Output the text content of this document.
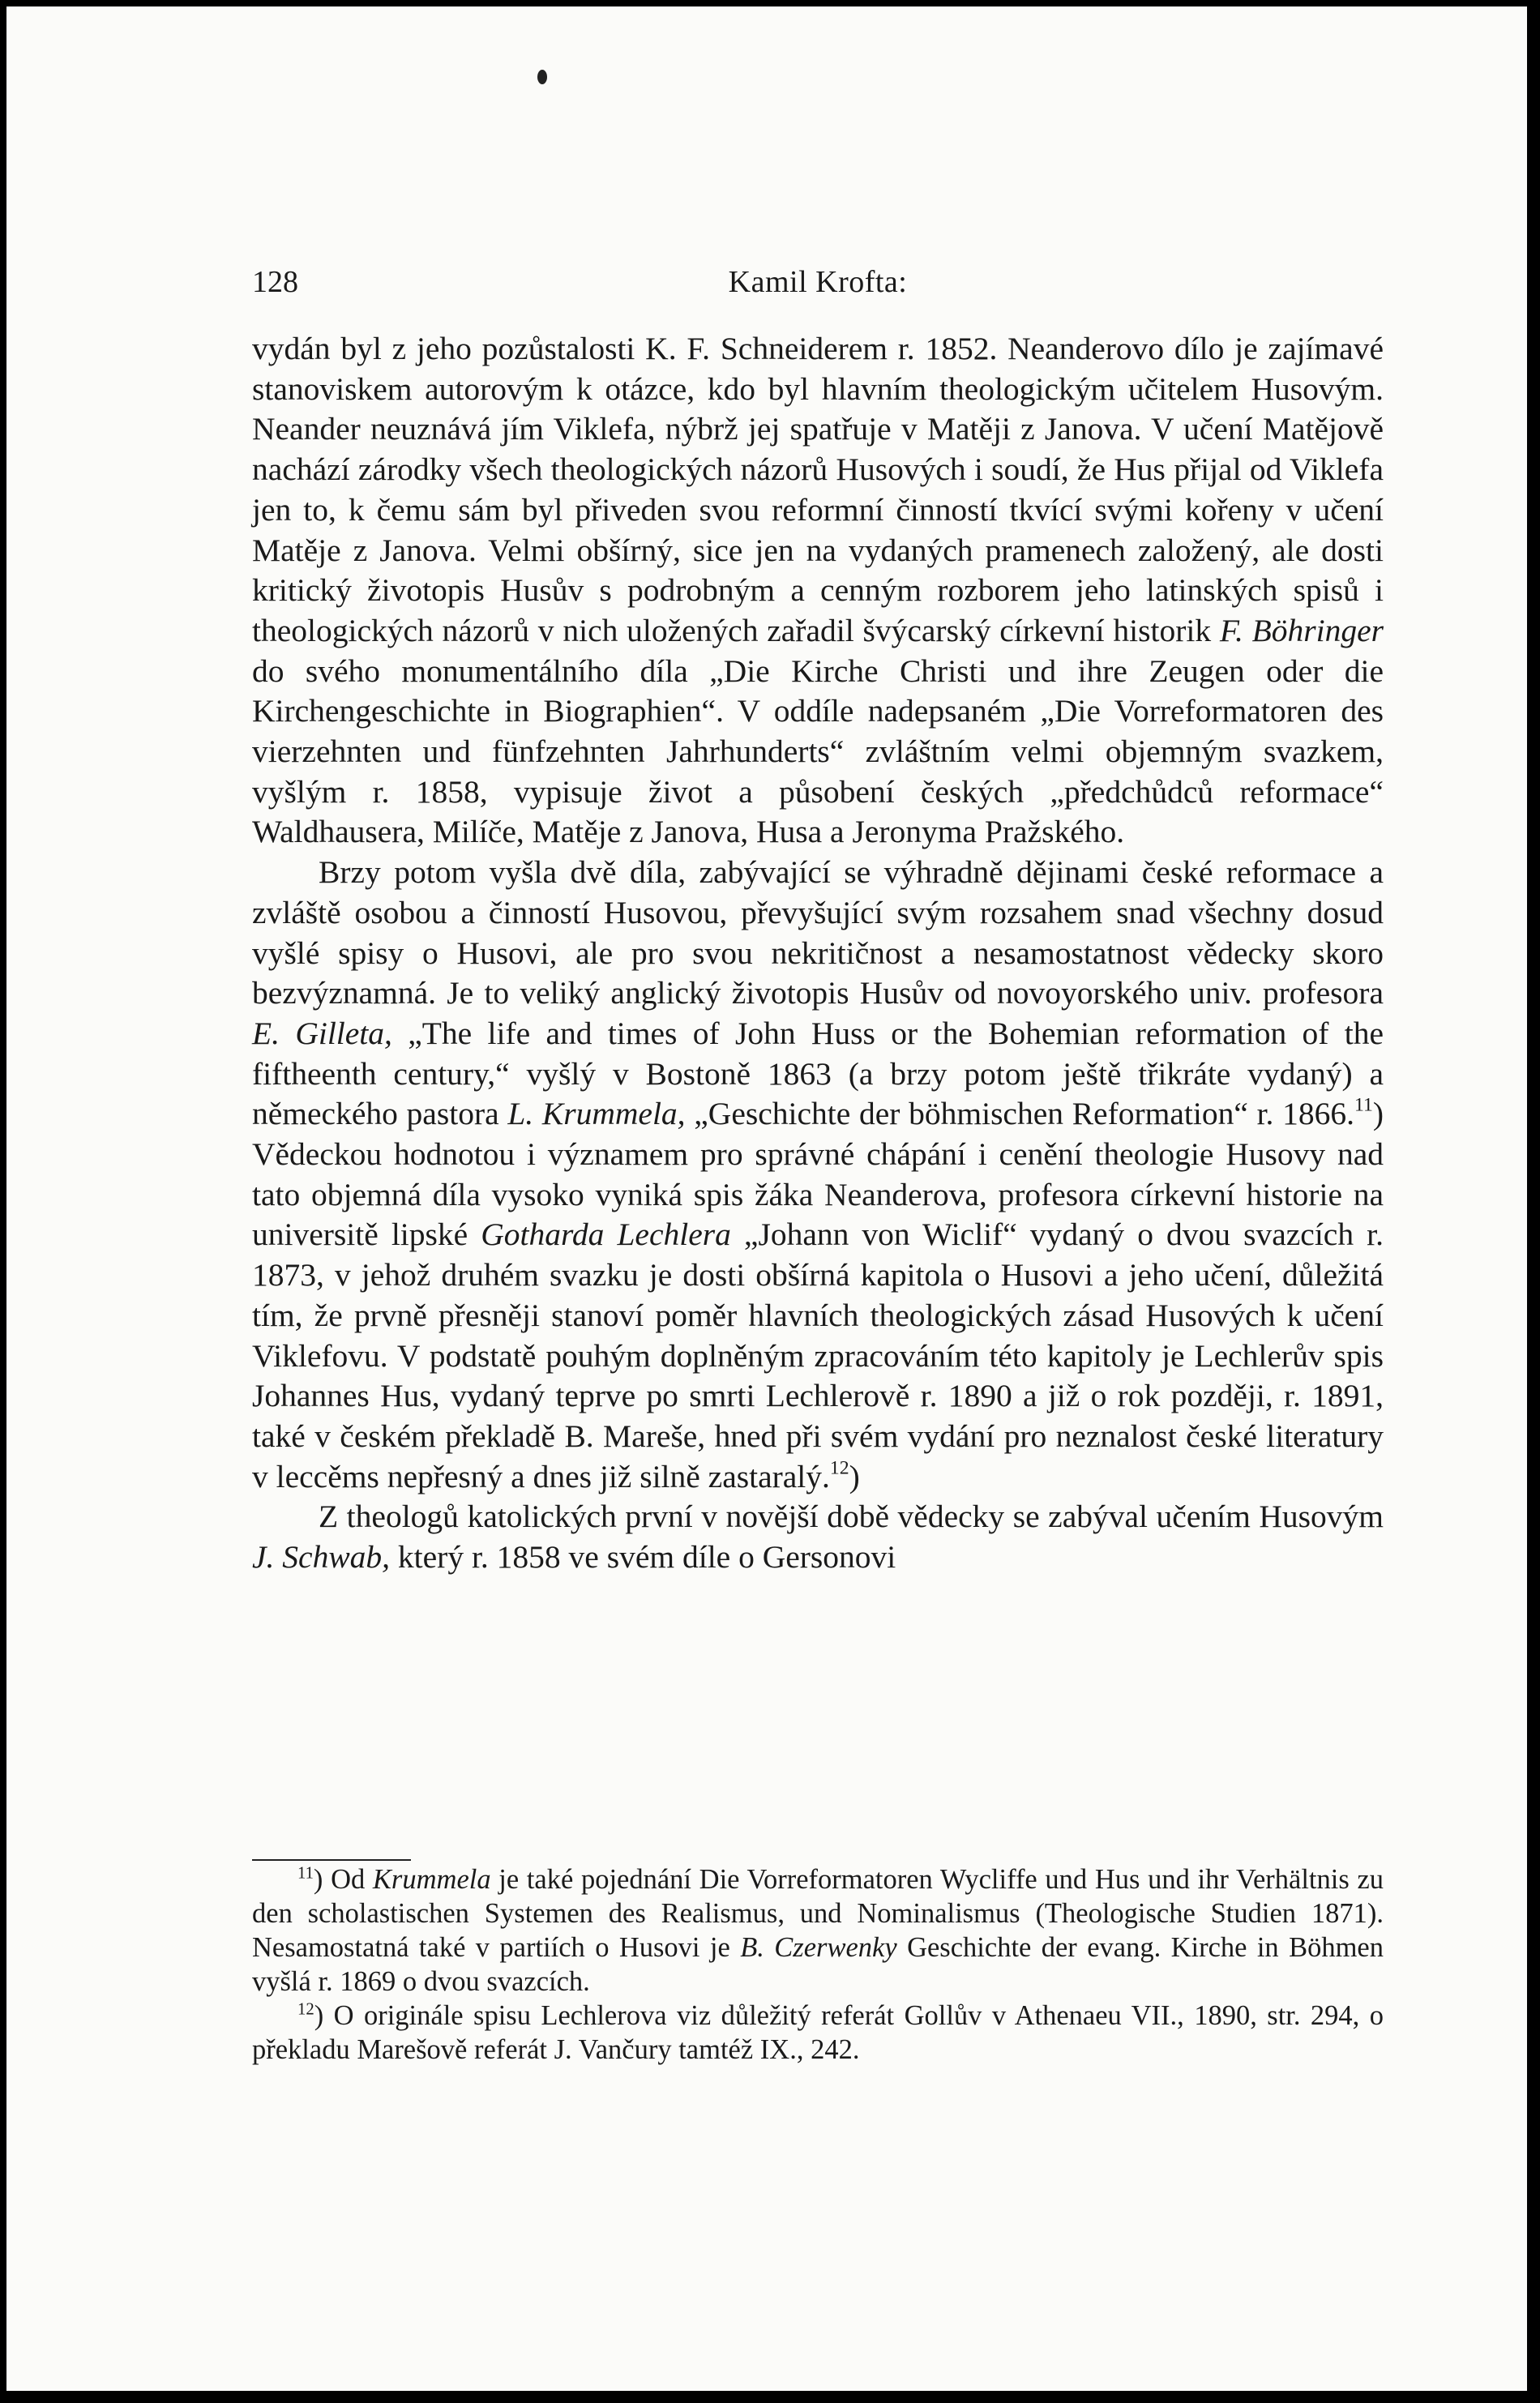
128	Kamil Krofta:

vydán byl z jeho pozůstalosti K. F. Schneiderem r. 1852. Neanderovo dílo je zajímavé stanoviskem autorovým k otázce, kdo byl hlavním theologickým učitelem Husovým. Neander neuznává jím Viklefa, nýbrž jej spatřuje v Matěji z Janova. V učení Matějově nachází zárodky všech theologických názorů Husových i soudí, že Hus přijal od Viklefa jen to, k čemu sám byl přiveden svou reformní činností tkvící svými kořeny v učení Matěje z Janova. Velmi obšírný, sice jen na vydaných pramenech založený, ale dosti kritický životopis Husův s podrobným a cenným rozborem jeho latinských spisů i theologických názorů v nich uložených zařadil švýcarský církevní historik F. Böhringer do svého monumentálního díla „Die Kirche Christi und ihre Zeugen oder die Kirchengeschichte in Biographien“. V oddíle nadepsaném „Die Vorreformatoren des vierzehnten und fünfzehnten Jahrhunderts“ zvláštním velmi objemným svazkem, vyšlým r. 1858, vypisuje život a působení českých „předchůdců reformace“ Waldhausera, Milíče, Matěje z Janova, Husa a Jeronyma Pražského.

Brzy potom vyšla dvě díla, zabývající se výhradně dějinami české reformace a zvláště osobou a činností Husovou, převyšující svým rozsahem snad všechny dosud vyšlé spisy o Husovi, ale pro svou nekritičnost a nesamostatnost vědecky skoro bezvýznamná. Je to veliký anglický životopis Husův od novoyorského univ. profesora E. Gilleta, „The life and times of John Huss or the Bohemian reformation of the fiftheenth century,“ vyšlý v Bostoně 1863 (a brzy potom ještě třikráte vydaný) a německého pastora L. Krummela, „Geschichte der böhmischen Reformation“ r. 1866.11) Vědeckou hodnotou i významem pro správné chápání i cenění theologie Husovy nad tato objemná díla vysoko vyniká spis žáka Neanderova, profesora církevní historie na universitě lipské Gotharda Lechlera „Johann von Wiclif“ vydaný o dvou svazcích r. 1873, v jehož druhém svazku je dosti obšírná kapitola o Husovi a jeho učení, důležitá tím, že prvně přesněji stanoví poměr hlavních theologických zásad Husových k učení Viklefovu. V podstatě pouhým doplněným zpracováním této kapitoly je Lechlerův spis Johannes Hus, vydaný teprve po smrti Lechlerově r. 1890 a již o rok později, r. 1891, také v českém překladě B. Mareše, hned při svém vydání pro neznalost české literatury v leccěms nepřesný a dnes již silně zastaralý.$^{12}$)

Z theologů katolických první v novější době vědecky se zabýval učením Husovým J. Schwab, který r. 1858 ve svém díle o Gersonovi

$^{11}$) Od Krummela je také pojednání Die Vorreformatoren Wycliffe und Hus und ihr Verhältnis zu den scholastischen Systemen des Realismus, und Nominalismus (Theologische Studien 1871). Nesamostatná také v partiích o Husovi je B. Czerwenky Geschichte der evang. Kirche in Böhmen vyšlá r. 1869 o dvou svazcích.

$^{12}$) O originále spisu Lechlerova viz důležitý referát Gollův v Athenaeu VII., 1890, str. 294, o překladu Marešově referát J. Vančury tamtéž IX., 242.
